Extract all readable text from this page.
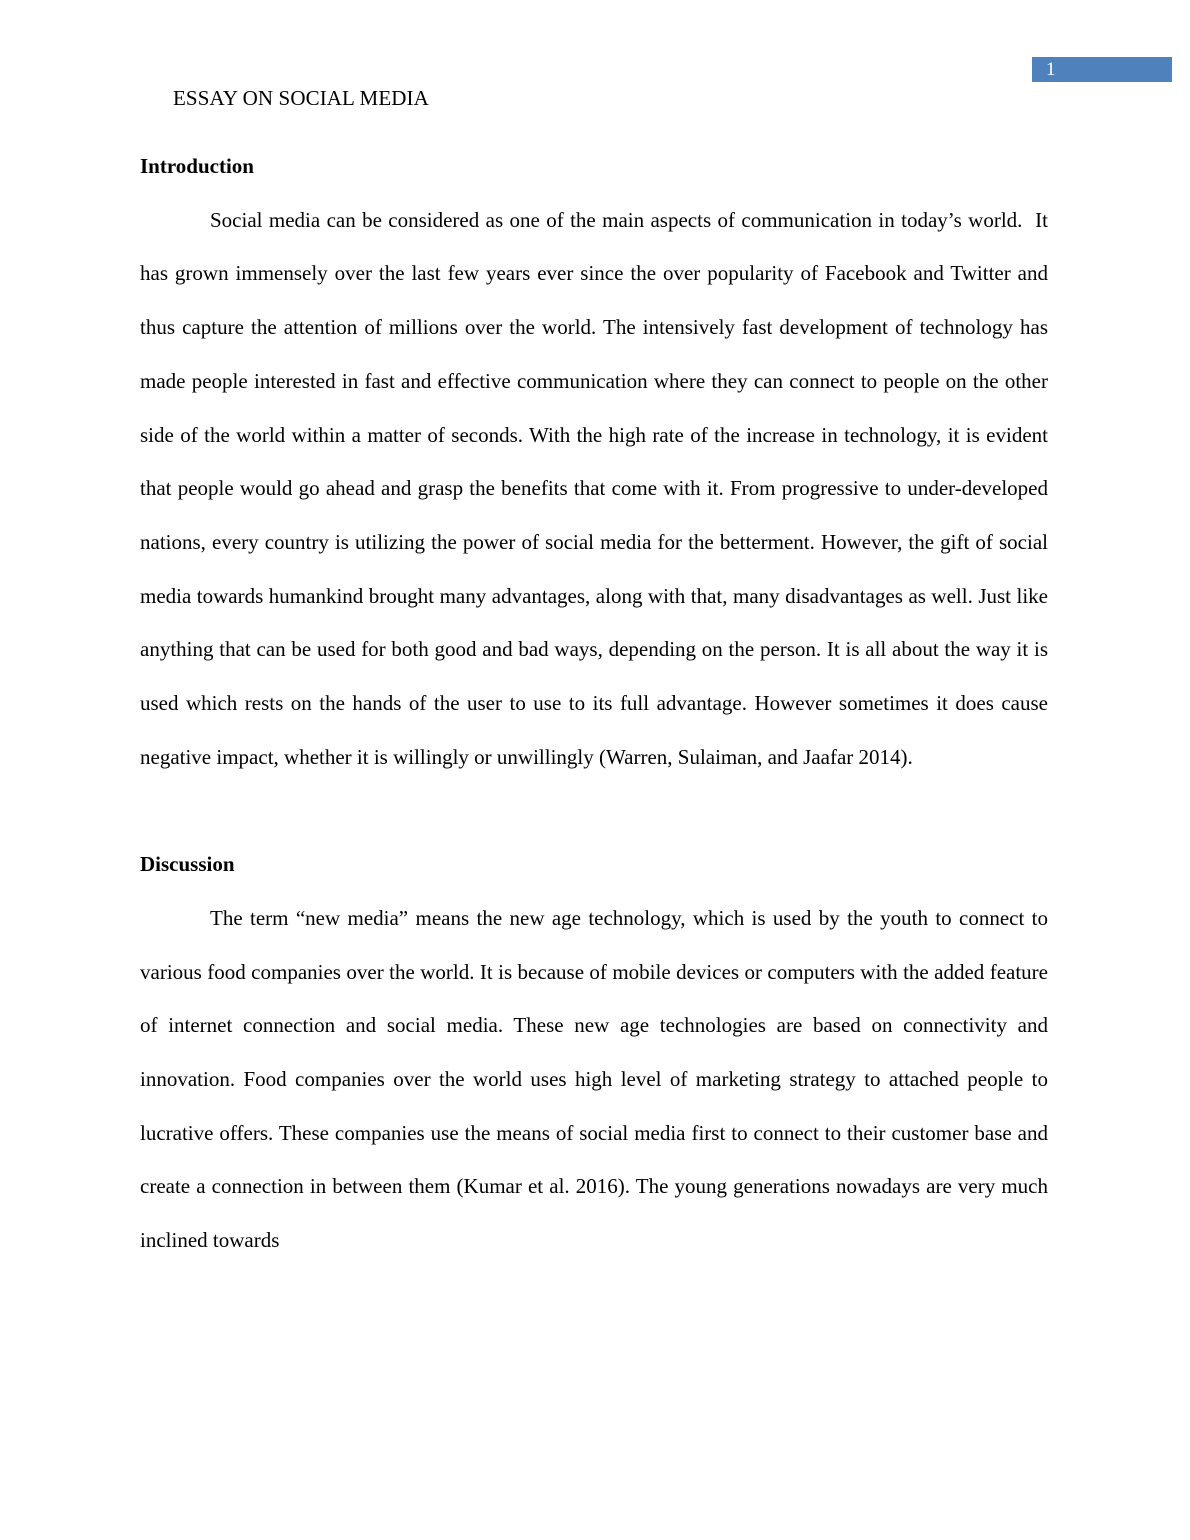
1
ESSAY ON SOCIAL MEDIA
Introduction

Social media can be considered as one of the main aspects of communication in today’s world.  It has grown immensely over the last few years ever since the over popularity of Facebook and Twitter and thus capture the attention of millions over the world. The intensively fast development of technology has made people interested in fast and effective communication where they can connect to people on the other side of the world within a matter of seconds. With the high rate of the increase in technology, it is evident that people would go ahead and grasp the benefits that come with it. From progressive to under-developed nations, every country is utilizing the power of social media for the betterment. However, the gift of social media towards humankind brought many advantages, along with that, many disadvantages as well. Just like anything that can be used for both good and bad ways, depending on the person. It is all about the way it is used which rests on the hands of the user to use to its full advantage. However sometimes it does cause negative impact, whether it is willingly or unwillingly (Warren, Sulaiman, and Jaafar 2014).

Discussion

The term “new media” means the new age technology, which is used by the youth to connect to various food companies over the world. It is because of mobile devices or computers with the added feature of internet connection and social media. These new age technologies are based on connectivity and innovation. Food companies over the world uses high level of marketing strategy to attached people to lucrative offers. These companies use the means of social media first to connect to their customer base and create a connection in between them (Kumar et al. 2016). The young generations nowadays are very much inclined towards
